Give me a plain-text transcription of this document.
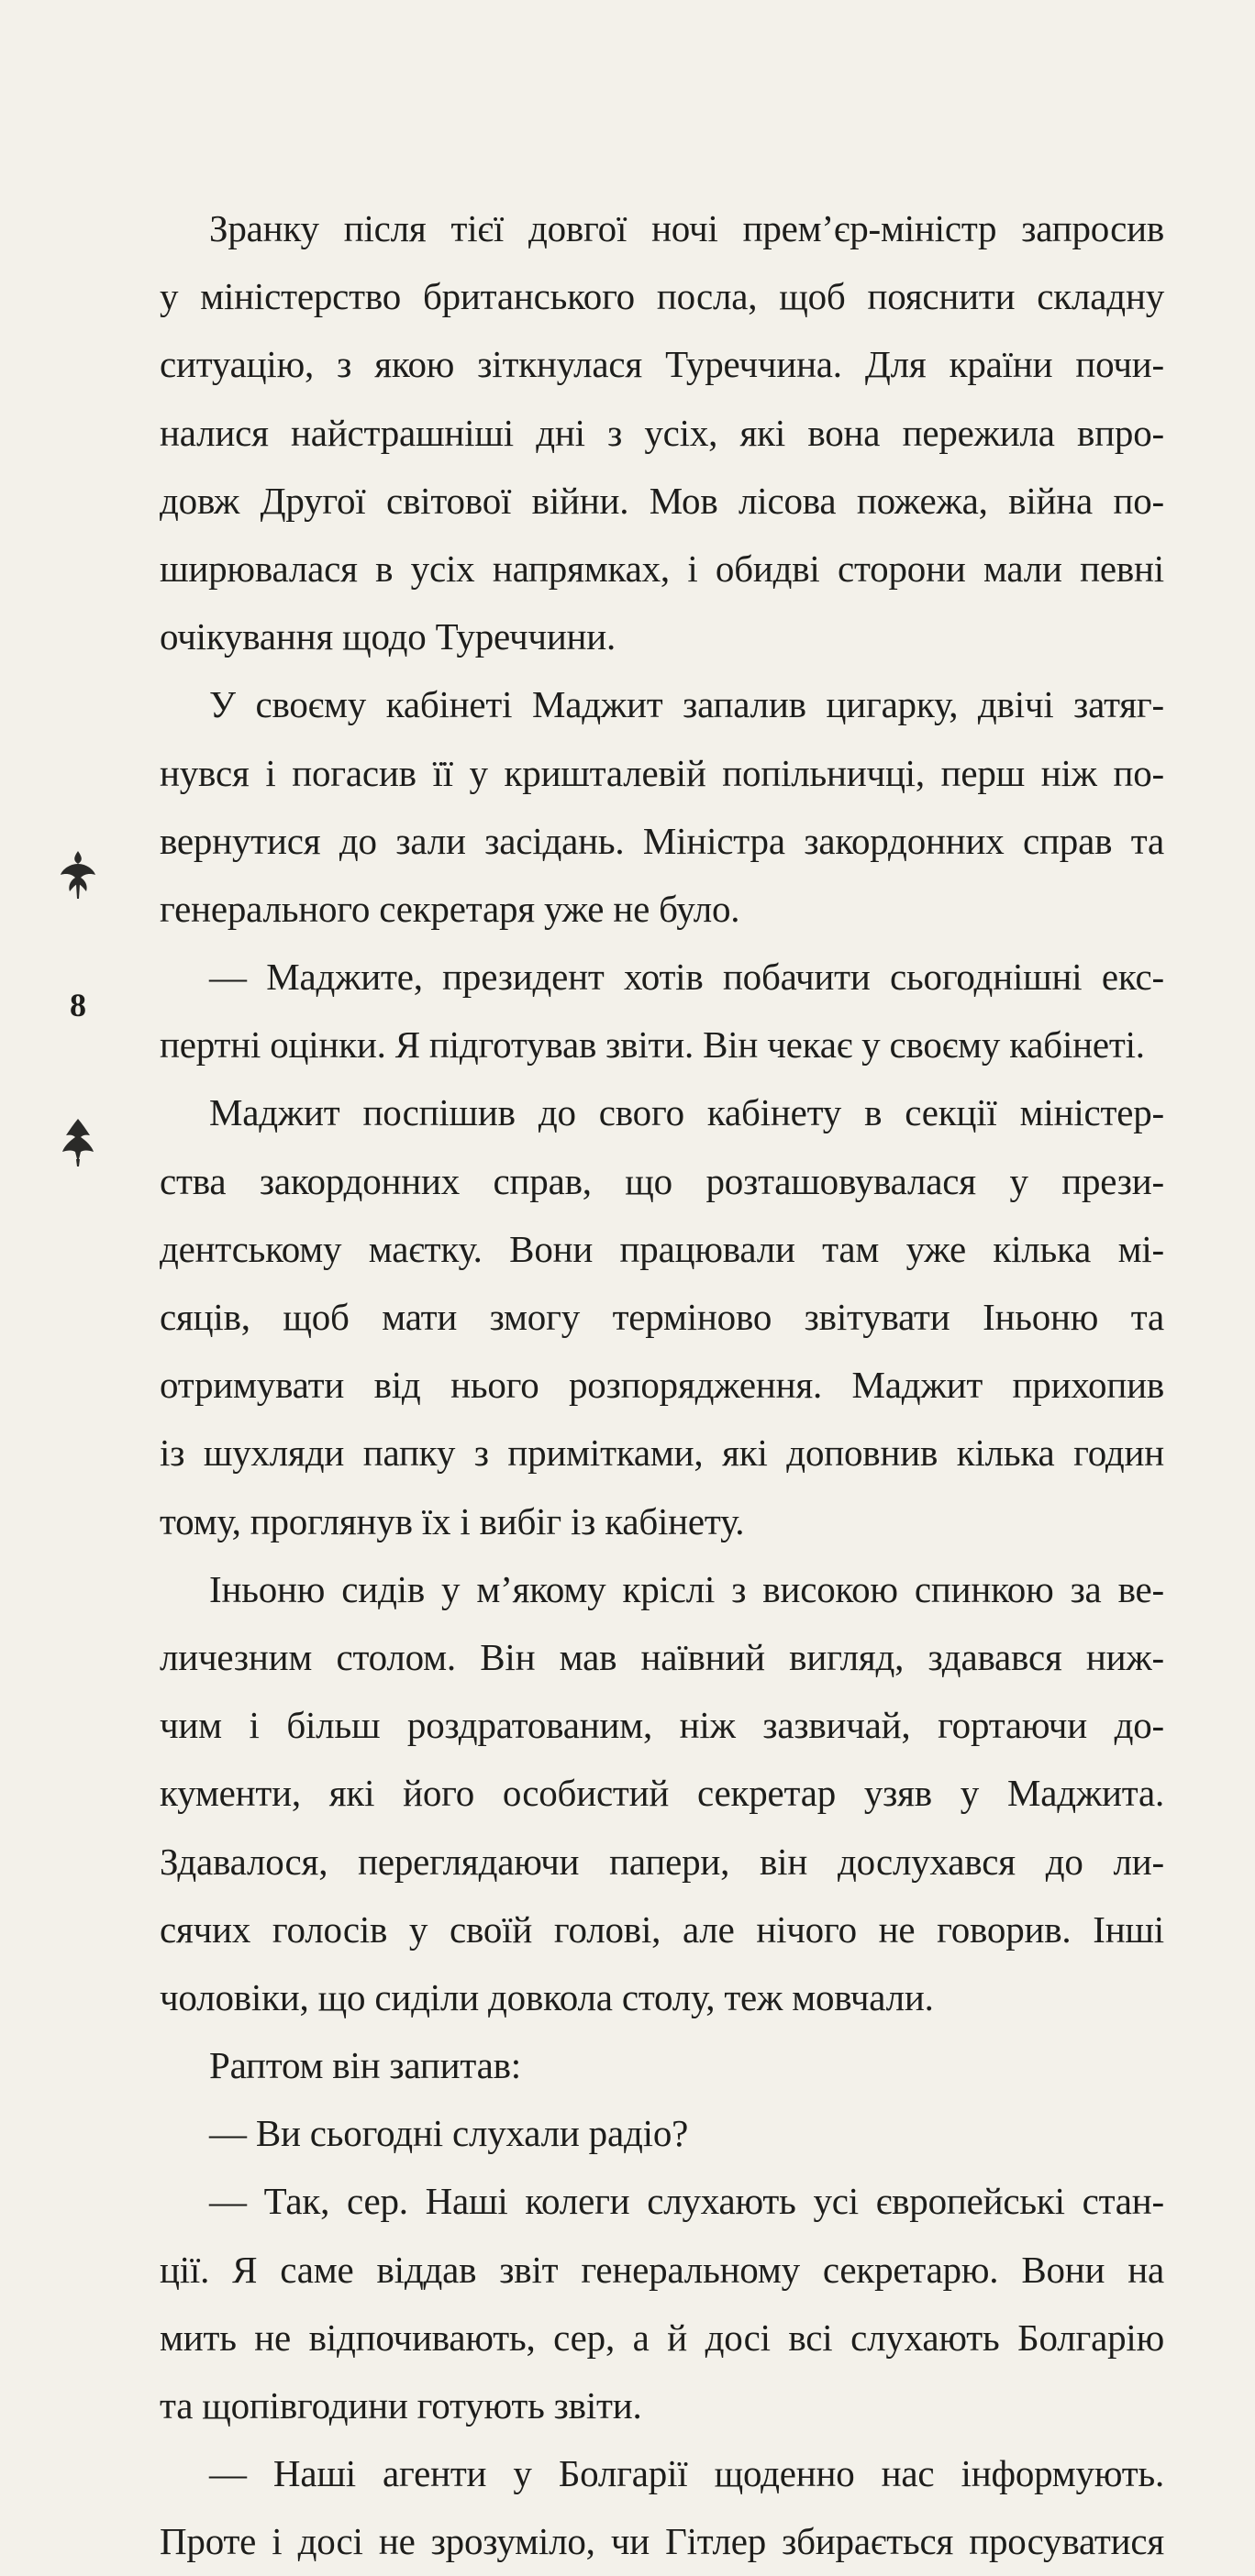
8
Зранку після тієї довгої ночі прем’єр-міністр запросив
у міністерство британського посла, щоб пояснити складну
ситуацію, з якою зіткнулася Туреччина. Для країни почи-
налися найстрашніші дні з усіх, які вона пережила впро-
довж Другої світової війни. Мов лісова пожежа, війна по-
ширювалася в усіх напрямках, і обидві сторони мали певні
очікування щодо Туреччини.
У своєму кабінеті Маджит запалив цигарку, двічі затяг-
нувся і погасив її у кришталевій попільничці, перш ніж по-
вернутися до зали засідань. Міністра закордонних справ та
генерального секретаря уже не було.
— Маджите, президент хотів побачити сьогоднішні екс-
пертні оцінки. Я підготував звіти. Він чекає у своєму кабінеті.
Маджит поспішив до свого кабінету в секції міністер-
ства закордонних справ, що розташовувалася у прези-
дентському маєтку. Вони працювали там уже кілька мі-
сяців, щоб мати змогу терміново звітувати Іньоню та
отримувати від нього розпорядження. Маджит прихопив
із шухляди папку з примітками, які доповнив кілька годин
тому, проглянув їх і вибіг із кабінету.
Іньоню сидів у м’якому кріслі з високою спинкою за ве-
личезним столом. Він мав наївний вигляд, здавався ниж-
чим і більш роздратованим, ніж зазвичай, гортаючи до-
кументи, які його особистий секретар узяв у Маджита.
Здавалося, переглядаючи папери, він дослухався до ли-
сячих голосів у своїй голові, але нічого не говорив. Інші
чоловіки, що сиділи довкола столу, теж мовчали.
Раптом він запитав:
— Ви сьогодні слухали радіо?
— Так, сер. Наші колеги слухають усі європейські стан-
ції. Я саме віддав звіт генеральному секретарю. Вони на
мить не відпочивають, сер, а й досі всі слухають Болгарію
та щопівгодини готують звіти.
— Наші агенти у Болгарії щоденно нас інформують.
Проте і досі не зрозуміло, чи Гітлер збирається просуватися
